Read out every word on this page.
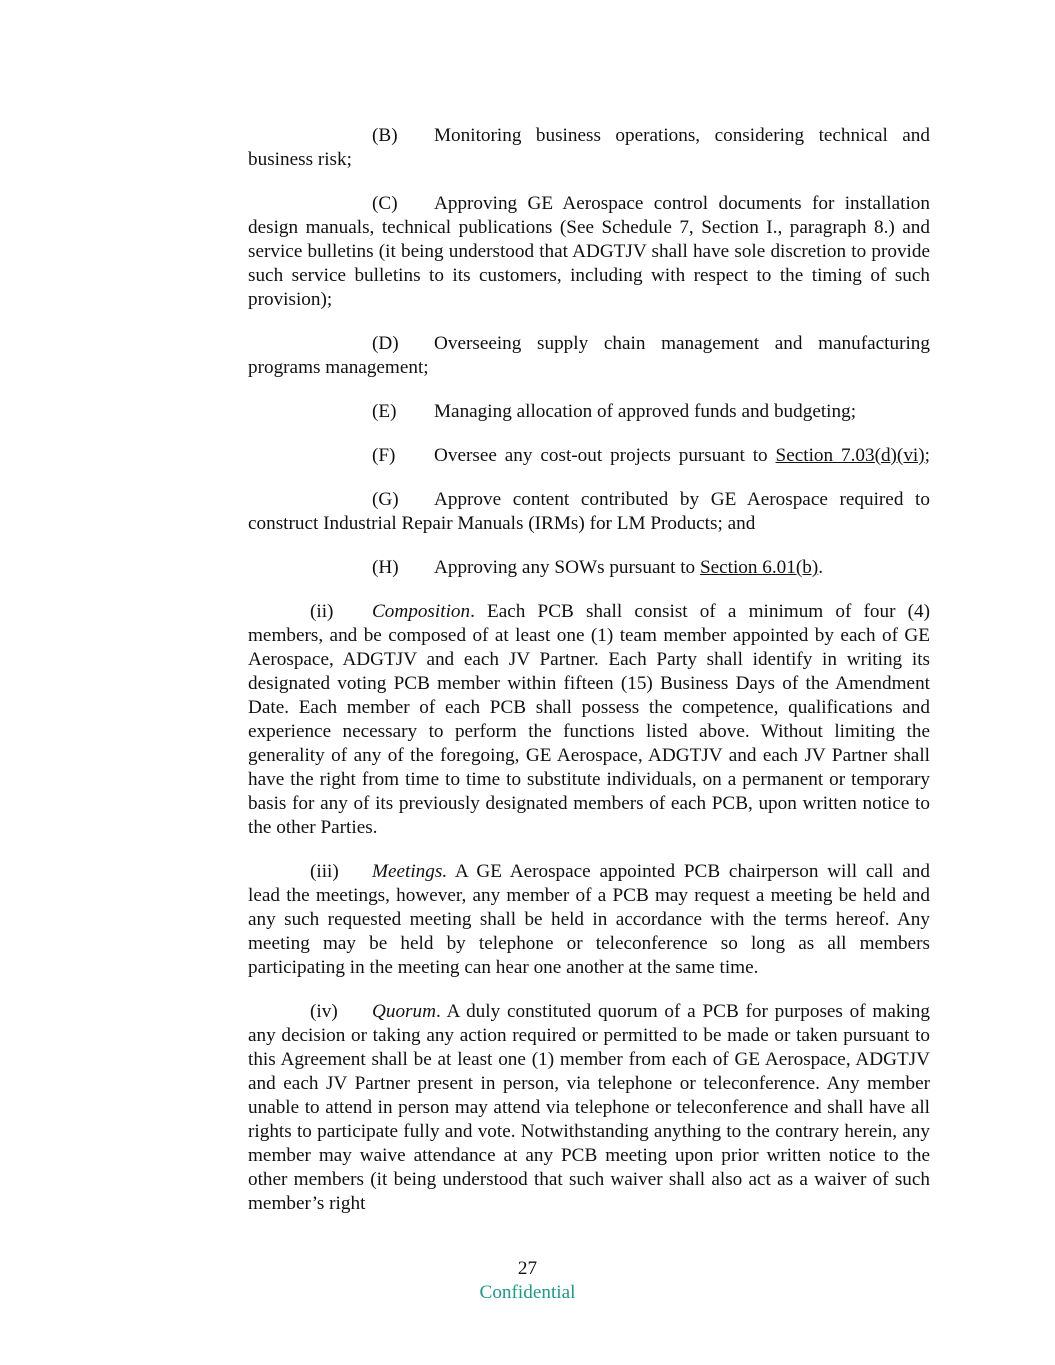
(B) Monitoring business operations, considering technical and business risk;

(C) Approving GE Aerospace control documents for installation design manuals, technical publications (See Schedule 7, Section I., paragraph 8.) and service bulletins (it being understood that ADGTJV shall have sole discretion to provide such service bulletins to its customers, including with respect to the timing of such provision);

(D) Overseeing supply chain management and manufacturing programs management;

(E) Managing allocation of approved funds and budgeting;

(F) Oversee any cost-out projects pursuant to Section 7.03(d)(vi);

(G) Approve content contributed by GE Aerospace required to construct Industrial Repair Manuals (IRMs) for LM Products; and

(H) Approving any SOWs pursuant to Section 6.01(b).

(ii) Composition. Each PCB shall consist of a minimum of four (4) members, and be composed of at least one (1) team member appointed by each of GE Aerospace, ADGTJV and each JV Partner. Each Party shall identify in writing its designated voting PCB member within fifteen (15) Business Days of the Amendment Date. Each member of each PCB shall possess the competence, qualifications and experience necessary to perform the functions listed above. Without limiting the generality of any of the foregoing, GE Aerospace, ADGTJV and each JV Partner shall have the right from time to time to substitute individuals, on a permanent or temporary basis for any of its previously designated members of each PCB, upon written notice to the other Parties.

(iii) Meetings. A GE Aerospace appointed PCB chairperson will call and lead the meetings, however, any member of a PCB may request a meeting be held and any such requested meeting shall be held in accordance with the terms hereof. Any meeting may be held by telephone or teleconference so long as all members participating in the meeting can hear one another at the same time.

(iv) Quorum. A duly constituted quorum of a PCB for purposes of making any decision or taking any action required or permitted to be made or taken pursuant to this Agreement shall be at least one (1) member from each of GE Aerospace, ADGTJV and each JV Partner present in person, via telephone or teleconference. Any member unable to attend in person may attend via telephone or teleconference and shall have all rights to participate fully and vote. Notwithstanding anything to the contrary herein, any member may waive attendance at any PCB meeting upon prior written notice to the other members (it being understood that such waiver shall also act as a waiver of such member’s right

27
Confidential
